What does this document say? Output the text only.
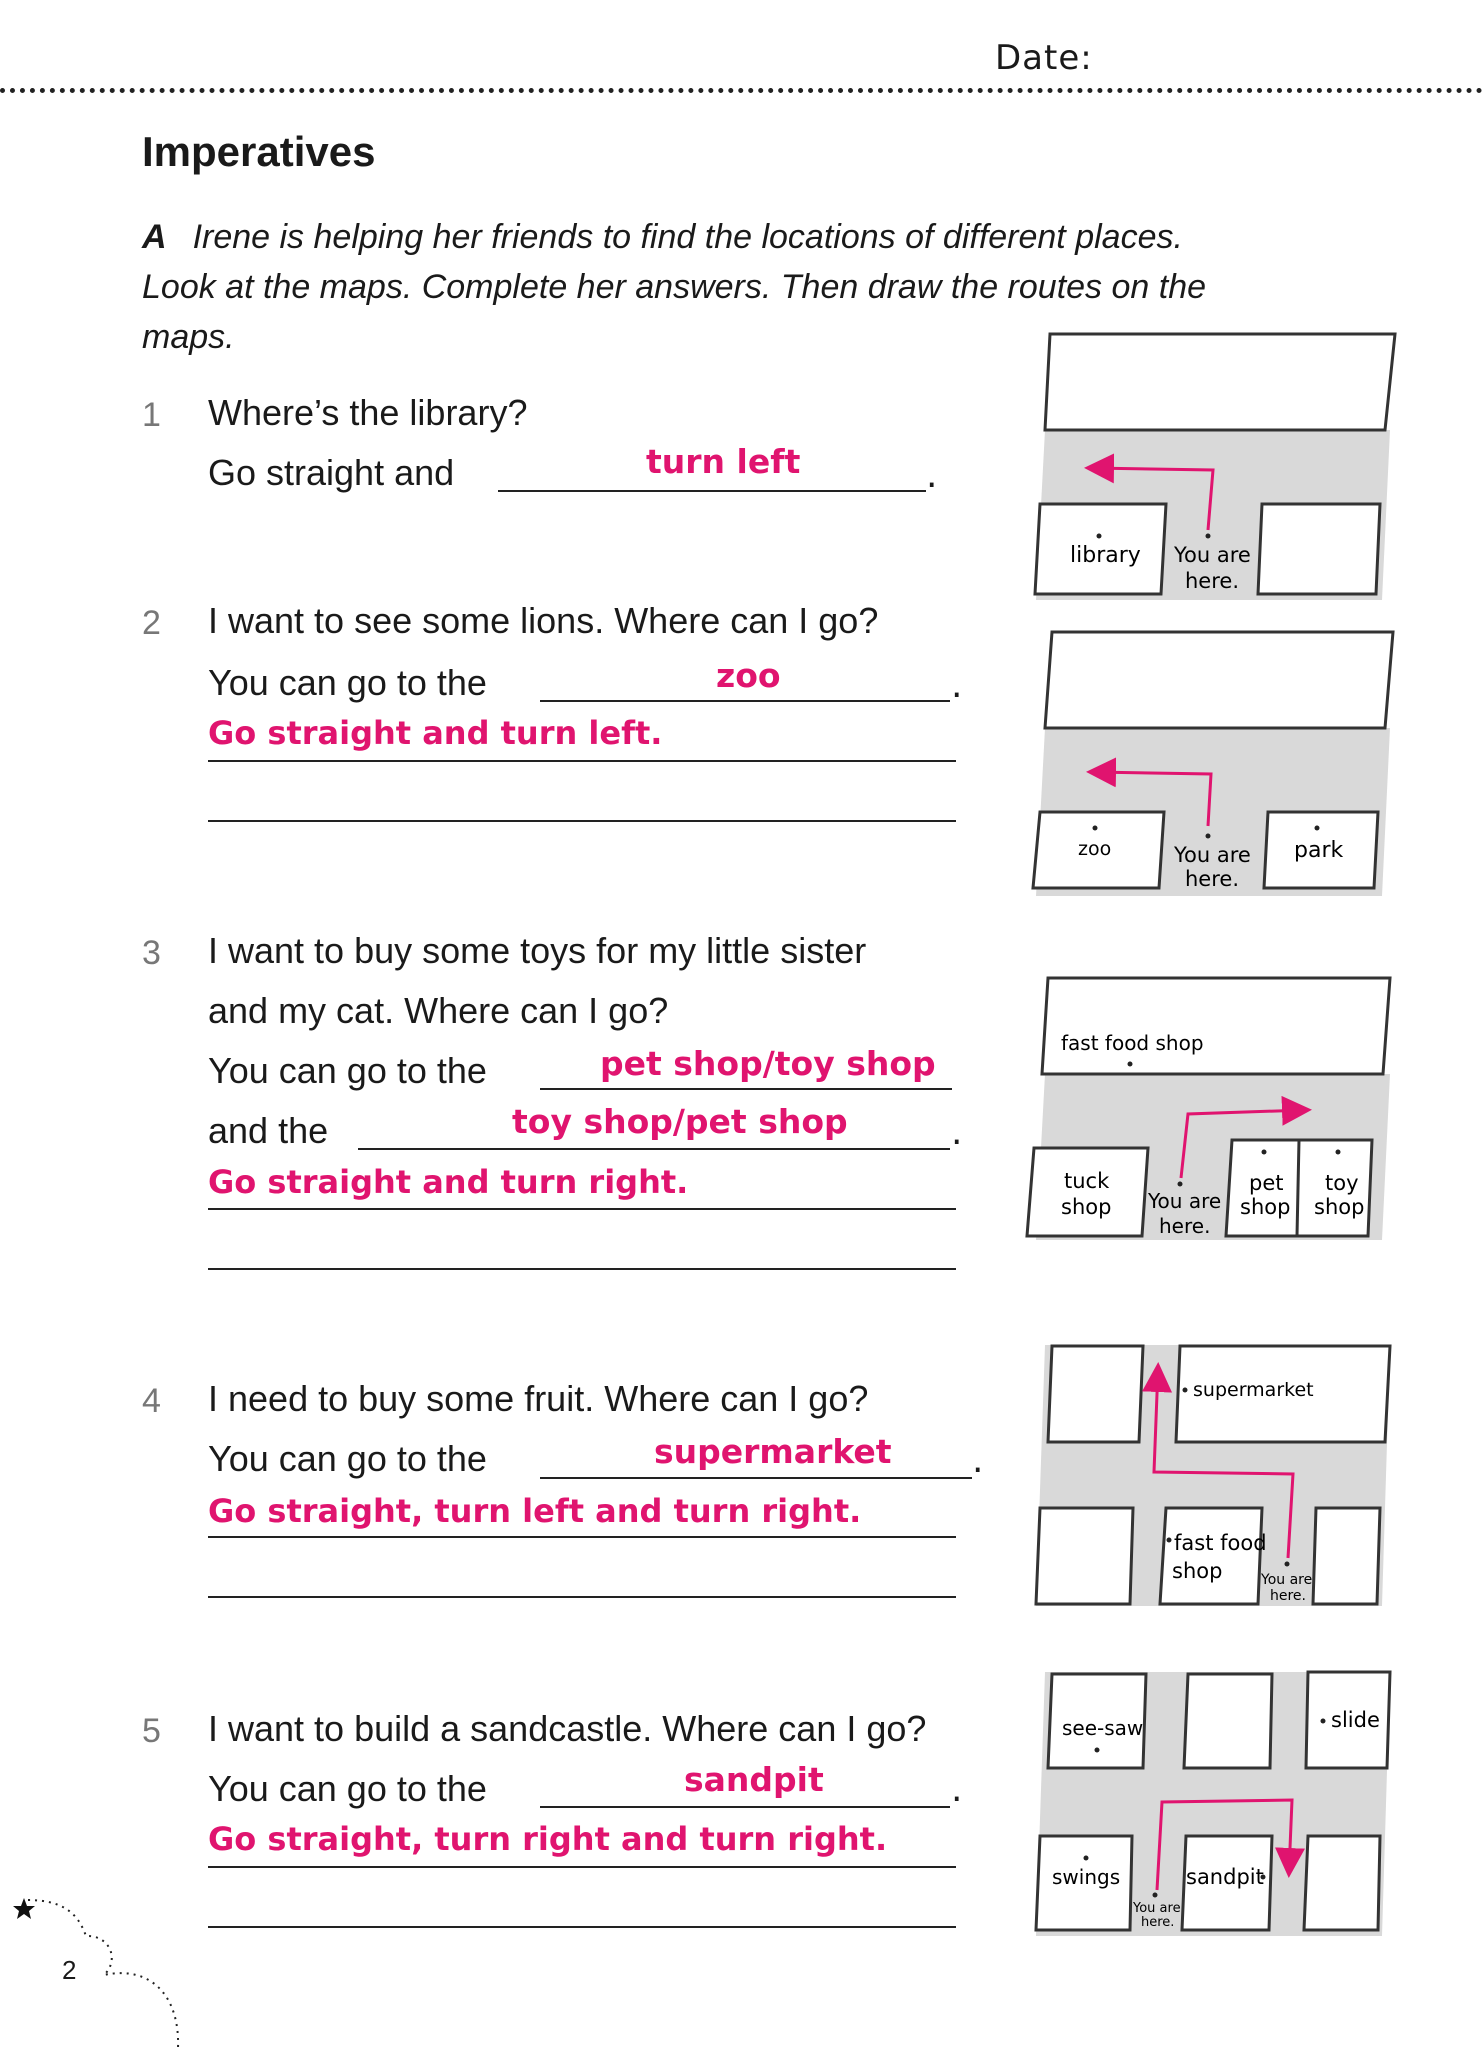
Date:
Imperatives
A Irene is helping her friends to find the locations of different places. Look at the maps. Complete her answers. Then draw the routes on the maps.
1 Where’s the library?
Go straight and	turn left	.
2 I want to see some lions. Where can I go?
You can go to the	zoo	.
Go straight and turn left.
3 I want to buy some toys for my little sister
and my cat. Where can I go?
You can go to the	pet shop/toy shop
and the	toy shop/pet shop	.
Go straight and turn right.
4 I need to buy some fruit. Where can I go?
You can go to the	supermarket .
Go straight, turn left and turn right.
5 I want to build a sandcastle. Where can I go?
You can go to the	sandpit	.
Go straight, turn right and turn right.
library You are
here.
zoo	You are
here.
park
fast food shop
tuck
shop You are
here.
pet
shop
toy
shop
supermarket
fast food
shop	You are
here.
see-saw	slide
swings
You are
here.
sandpit
2
